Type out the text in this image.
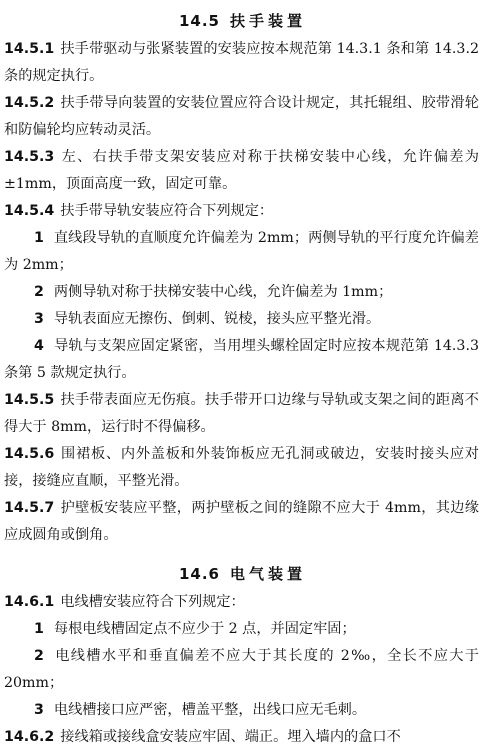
14.5 扶手装置

14.5.1 扶手带驱动与张紧装置的安装应按本规范第 14.3.1 条和第 14.3.2 条的规定执行。

14.5.2 扶手带导向装置的安装位置应符合设计规定，其托辊组、胶带滑轮和防偏轮均应转动灵活。

14.5.3 左、右扶手带支架安装应对称于扶梯安装中心线，允许偏差为±1mm，顶面高度一致，固定可靠。

14.5.4 扶手带导轨安装应符合下列规定：

1 直线段导轨的直顺度允许偏差为 2mm；两侧导轨的平行度允许偏差为 2mm；

2 两侧导轨对称于扶梯安装中心线，允许偏差为 1mm；

3 导轨表面应无擦伤、倒刺、锐棱，接头应平整光滑。

4 导轨与支架应固定紧密，当用埋头螺栓固定时应按本规范第 14.3.3 条第 5 款规定执行。

14.5.5 扶手带表面应无伤痕。扶手带开口边缘与导轨或支架之间的距离不得大于 8mm，运行时不得偏移。

14.5.6 围裙板、内外盖板和外装饰板应无孔洞或破边，安装时接头应对接，接缝应直顺，平整光滑。

14.5.7 护壁板安装应平整，两护壁板之间的缝隙不应大于 4mm，其边缘应成圆角或倒角。

14.6 电气装置

14.6.1 电线槽安装应符合下列规定：

1 每根电线槽固定点不应少于 2 点，并固定牢固；

2 电线槽水平和垂直偏差不应大于其长度的 2‰，全长不应大于 20mm；

3 电线槽接口应严密，槽盖平整，出线口应无毛刺。

14.6.2 接线箱或接线盒安装应牢固、端正。埋入墙内的盒口不
